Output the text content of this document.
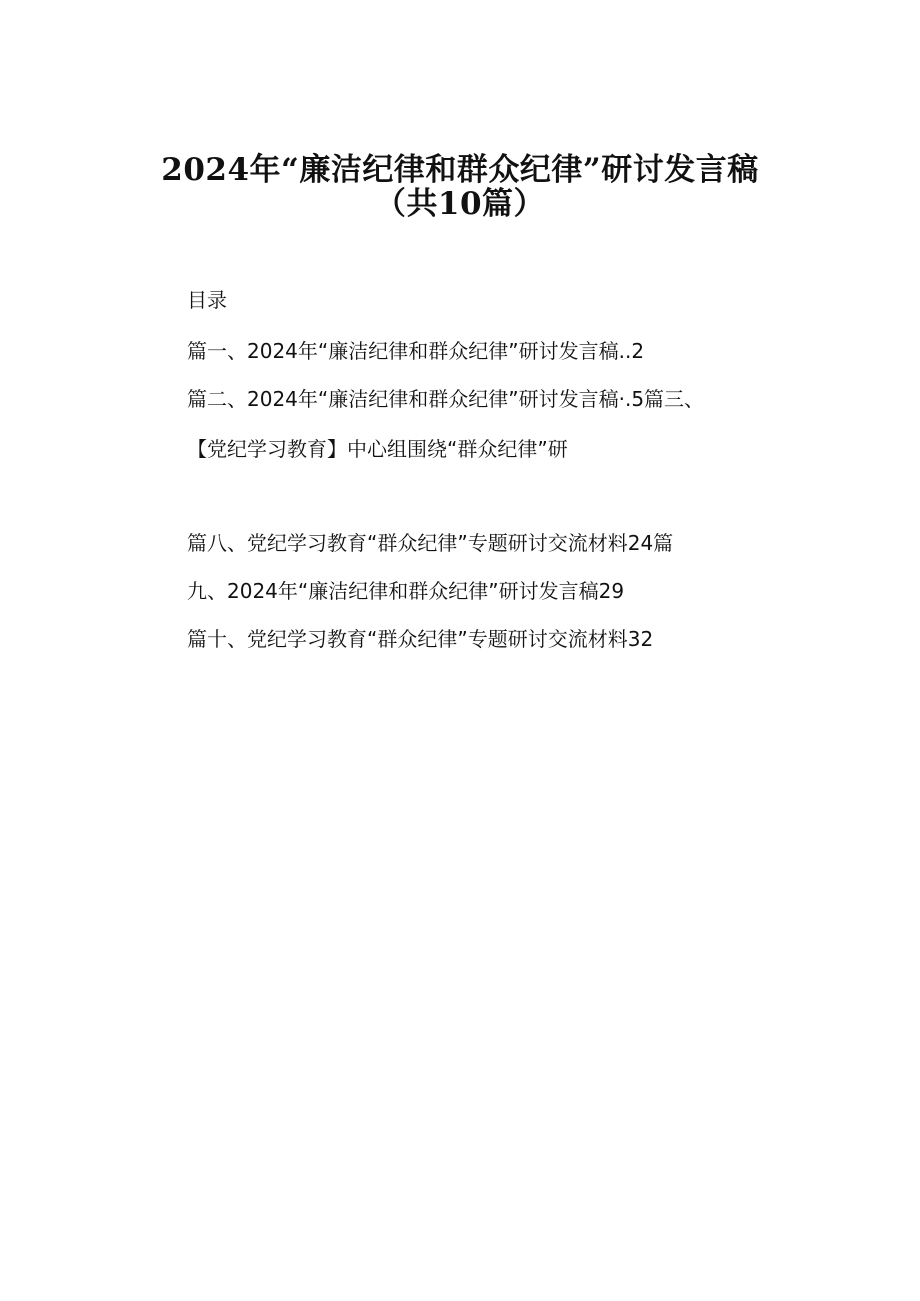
2024年“廉洁纪律和群众纪律”研讨发言稿
（共10篇）
目录
篇一、2024年“廉洁纪律和群众纪律”研讨发言稿..2
篇二、2024年“廉洁纪律和群众纪律”研讨发言稿·.5篇三、
【党纪学习教育】中心组围绕“群众纪律”研
篇八、党纪学习教育“群众纪律”专题研讨交流材料24篇
九、2024年“廉洁纪律和群众纪律”研讨发言稿29
篇十、党纪学习教育“群众纪律”专题研讨交流材料32
